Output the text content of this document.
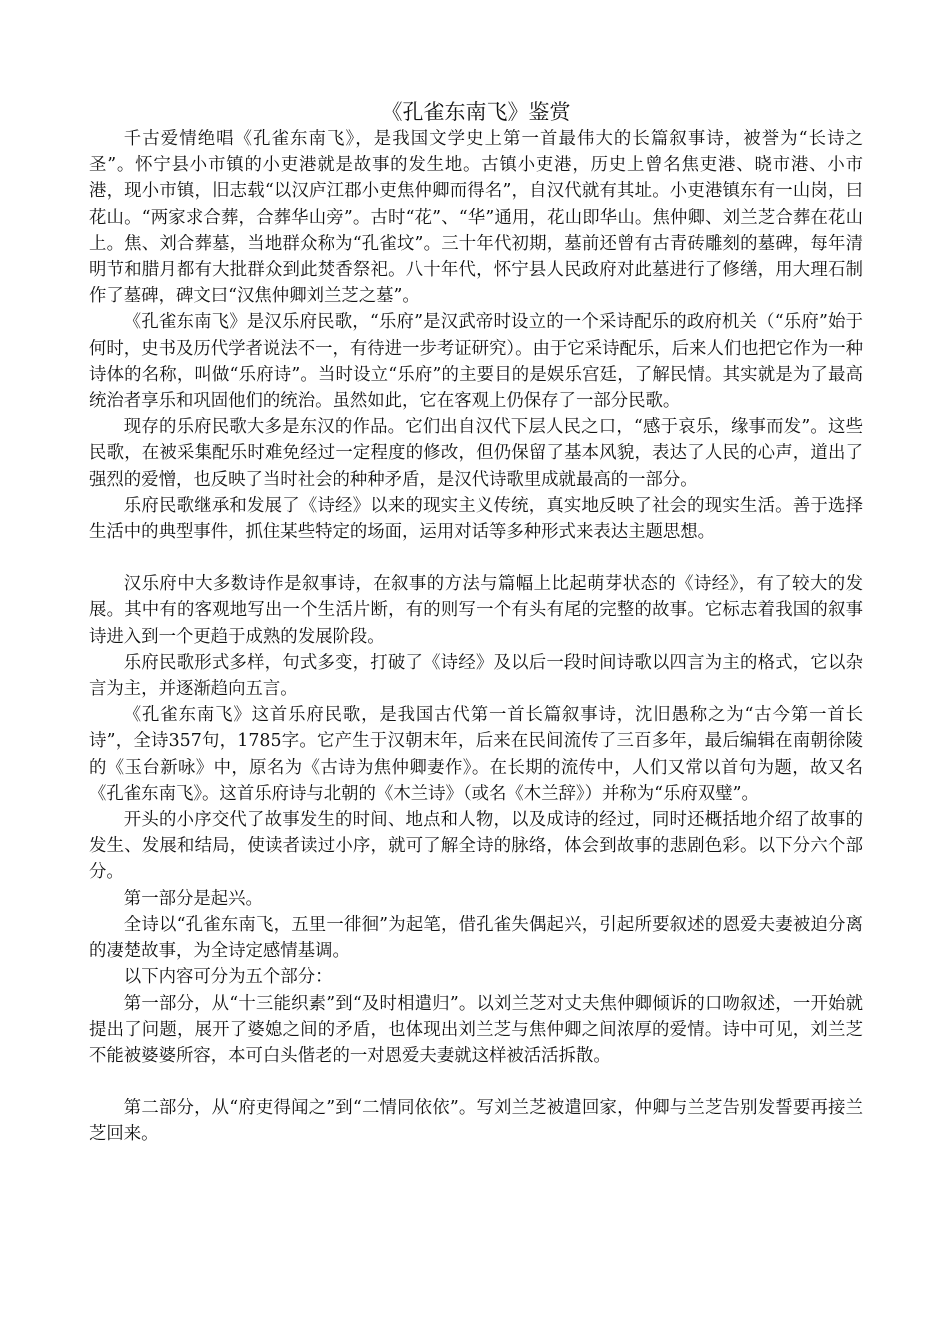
《孔雀东南飞》鉴赏

千古爱情绝唱《孔雀东南飞》，是我国文学史上第一首最伟大的长篇叙事诗，被誉为“长诗之圣”。怀宁县小市镇的小吏港就是故事的发生地。古镇小吏港，历史上曾名焦吏港、晓市港、小市港，现小市镇，旧志载“以汉庐江郡小吏焦仲卿而得名”，自汉代就有其址。小吏港镇东有一山岗，曰花山。“两家求合葬，合葬华山旁”。古时“花”、“华”通用，花山即华山。焦仲卿、刘兰芝合葬在花山上。焦、刘合葬墓，当地群众称为“孔雀坟”。三十年代初期，墓前还曾有古青砖雕刻的墓碑，每年清明节和腊月都有大批群众到此焚香祭祀。八十年代，怀宁县人民政府对此墓进行了修缮，用大理石制作了墓碑，碑文曰“汉焦仲卿刘兰芝之墓”。

《孔雀东南飞》是汉乐府民歌，“乐府”是汉武帝时设立的一个采诗配乐的政府机关（“乐府”始于何时，史书及历代学者说法不一，有待进一步考证研究）。由于它采诗配乐，后来人们也把它作为一种诗体的名称，叫做“乐府诗”。当时设立“乐府”的主要目的是娱乐宫廷，了解民情。其实就是为了最高统治者享乐和巩固他们的统治。虽然如此，它在客观上仍保存了一部分民歌。

现存的乐府民歌大多是东汉的作品。它们出自汉代下层人民之口，“感于哀乐，缘事而发”。这些民歌，在被采集配乐时难免经过一定程度的修改，但仍保留了基本风貌，表达了人民的心声，道出了强烈的爱憎，也反映了当时社会的种种矛盾，是汉代诗歌里成就最高的一部分。

乐府民歌继承和发展了《诗经》以来的现实主义传统，真实地反映了社会的现实生活。善于选择生活中的典型事件，抓住某些特定的场面，运用对话等多种形式来表达主题思想。

汉乐府中大多数诗作是叙事诗，在叙事的方法与篇幅上比起萌芽状态的《诗经》，有了较大的发展。其中有的客观地写出一个生活片断，有的则写一个有头有尾的完整的故事。它标志着我国的叙事诗进入到一个更趋于成熟的发展阶段。

乐府民歌形式多样，句式多变，打破了《诗经》及以后一段时间诗歌以四言为主的格式，它以杂言为主，并逐渐趋向五言。

《孔雀东南飞》这首乐府民歌，是我国古代第一首长篇叙事诗，沈旧愚称之为“古今第一首长诗”，全诗357句，1785字。它产生于汉朝末年，后来在民间流传了三百多年，最后编辑在南朝徐陵的《玉台新咏》中，原名为《古诗为焦仲卿妻作》。在长期的流传中，人们又常以首句为题，故又名《孔雀东南飞》。这首乐府诗与北朝的《木兰诗》（或名《木兰辞》）并称为“乐府双璧”。

开头的小序交代了故事发生的时间、地点和人物，以及成诗的经过，同时还概括地介绍了故事的发生、发展和结局，使读者读过小序，就可了解全诗的脉络，体会到故事的悲剧色彩。以下分六个部分。

第一部分是起兴。

全诗以“孔雀东南飞，五里一徘徊”为起笔，借孔雀失偶起兴，引起所要叙述的恩爱夫妻被迫分离的凄楚故事，为全诗定感情基调。

以下内容可分为五个部分：

第一部分，从“十三能织素”到“及时相遣归”。以刘兰芝对丈夫焦仲卿倾诉的口吻叙述，一开始就提出了问题，展开了婆媳之间的矛盾，也体现出刘兰芝与焦仲卿之间浓厚的爱情。诗中可见，刘兰芝不能被婆婆所容，本可白头偕老的一对恩爱夫妻就这样被活活拆散。

第二部分，从“府吏得闻之”到“二情同依依”。写刘兰芝被遣回家，仲卿与兰芝告别发誓要再接兰芝回来。
